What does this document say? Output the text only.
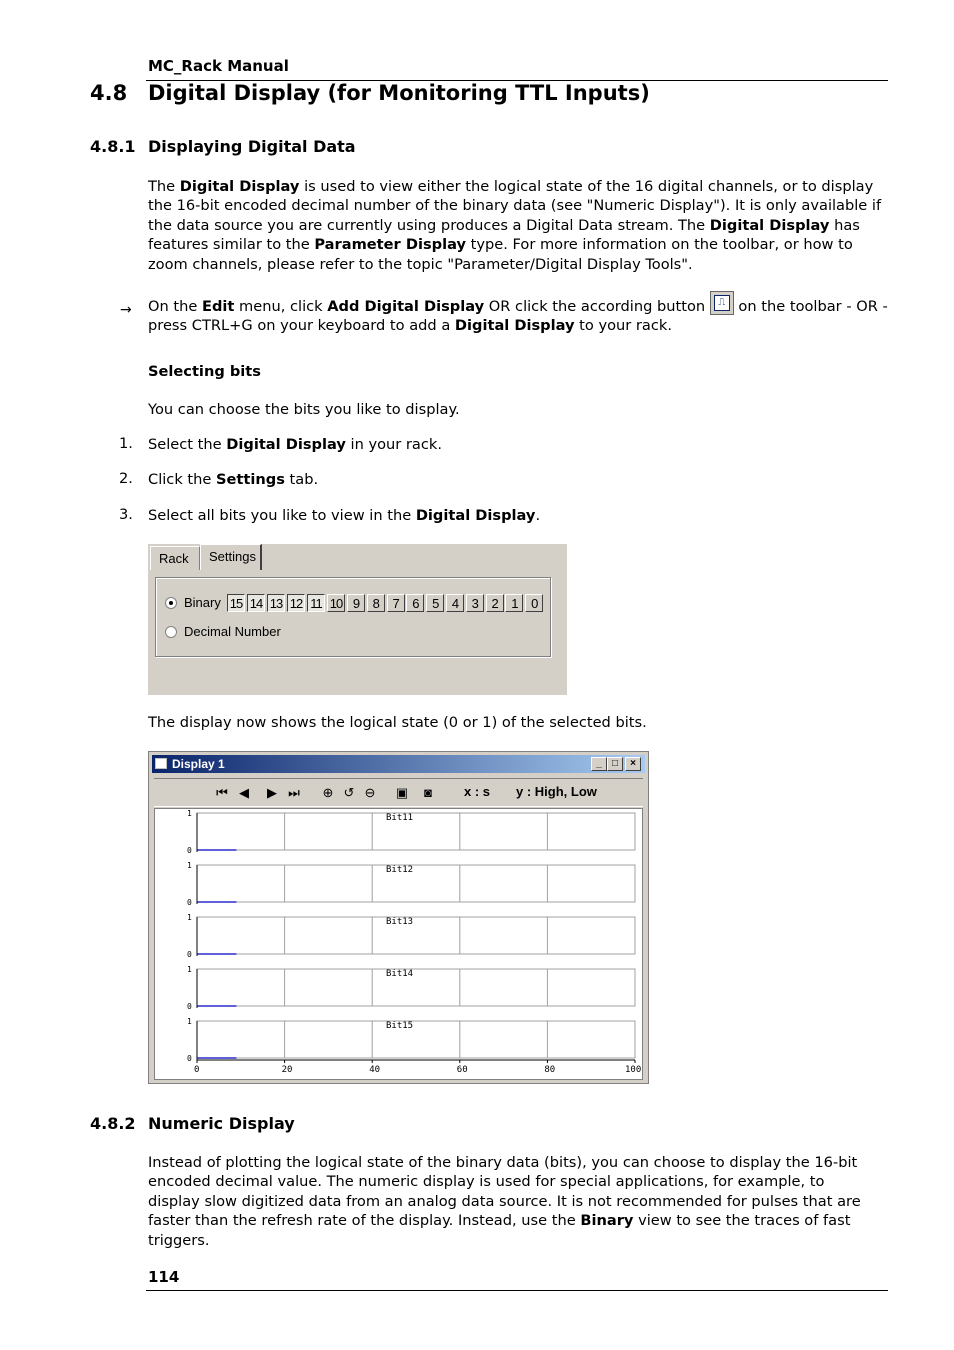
MC_Rack Manual
4.8 Digital Display (for Monitoring TTL Inputs)
4.8.1 Displaying Digital Data
The Digital Display is used to view either the logical state of the 16 digital channels, or to display the 16-bit encoded decimal number of the binary data (see "Numeric Display"). It is only available if the data source you are currently using produces a Digital Data stream. The Digital Display has features similar to the Parameter Display type. For more information on the toolbar, or how to zoom channels, please refer to the topic "Parameter/Digital Display Tools".
→ On the Edit menu, click Add Digital Display OR click the according button ⎍ on the toolbar - OR - press CTRL+G on your keyboard to add a Digital Display to your rack.
Selecting bits
You can choose the bits you like to display.
1. Select the Digital Display in your rack.
2. Click the Settings tab.
3. Select all bits you like to view in the Digital Display.
Rack	Settings
Binary
Decimal Number
15 14 13 12 11 10 9	8	7	6	5	4	3	2	1	0
The display now shows the logical state (0 or 1) of the selected bits.
Display 1	_	□	×
⏮ ◀	▶ ⏭	⊕ ↺ ⊖	▣	◙	x : s y : High, Low
Bit11
1
0
Bit12
1
0
Bit13
1
0
Bit14
1
0
Bit15
1
0
0	20	40	60	80	100
4.8.2 Numeric Display
Instead of plotting the logical state of the binary data (bits), you can choose to display the 16-bit encoded decimal value. The numeric display is used for special applications, for example, to display slow digitized data from an analog data source. It is not recommended for pulses that are faster than the refresh rate of the display. Instead, use the Binary view to see the traces of fast triggers.
114
